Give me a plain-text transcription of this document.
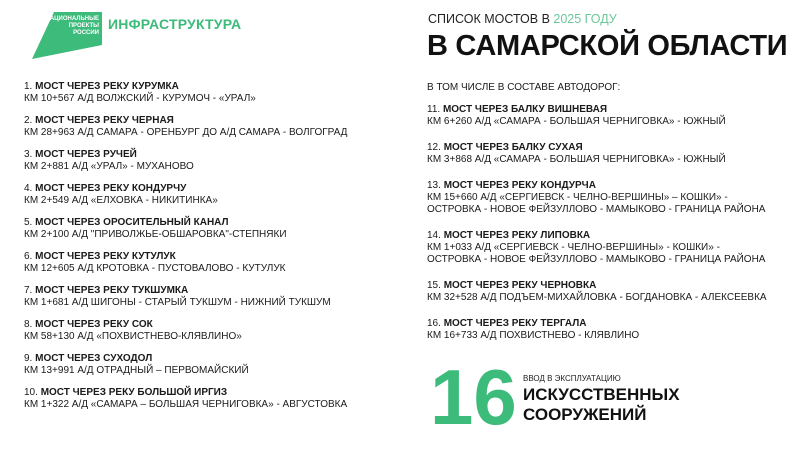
НАЦИОНАЛЬНЫЕ
ПРОЕКТЫ
РОССИИ
ИНФРАСТРУКТУРА	СПИСОК МОСТОВ В 2025 ГОДУ
В САМАРСКОЙ ОБЛАСТИ
1. МОСТ ЧЕРЕЗ РЕКУ КУРУМКА
КМ 10+567 А/Д ВОЛЖСКИЙ - КУРУМОЧ - «УРАЛ»
2. МОСТ ЧЕРЕЗ РЕКУ ЧЕРНАЯ
КМ 28+963 А/Д САМАРА - ОРЕНБУРГ ДО А/Д САМАРА - ВОЛГОГРАД
3. МОСТ ЧЕРЕЗ РУЧЕЙ
КМ 2+881 А/Д «УРАЛ» - МУХАНОВО
4. МОСТ ЧЕРЕЗ РЕКУ КОНДУРЧУ
КМ 2+549 А/Д «ЕЛХОВКА - НИКИТИНКА»
5. МОСТ ЧЕРЕЗ ОРОСИТЕЛЬНЫЙ КАНАЛ
КМ 2+100 А/Д "ПРИВОЛЖЬЕ-ОБШАРОВКА"-СТЕПНЯКИ
6. МОСТ ЧЕРЕЗ РЕКУ КУТУЛУК
КМ 12+605 А/Д КРОТОВКА - ПУСТОВАЛОВО - КУТУЛУК
7. МОСТ ЧЕРЕЗ РЕКУ ТУКШУМКА
КМ 1+681 А/Д ШИГОНЫ - СТАРЫЙ ТУКШУМ - НИЖНИЙ ТУКШУМ
8. МОСТ ЧЕРЕЗ РЕКУ СОК
КМ 58+130 А/Д «ПОХВИСТНЕВО-КЛЯВЛИНО»
9. МОСТ ЧЕРЕЗ СУХОДОЛ
КМ 13+991 А/Д ОТРАДНЫЙ – ПЕРВОМАЙСКИЙ
10. МОСТ ЧЕРЕЗ РЕКУ БОЛЬШОЙ ИРГИЗ
КМ 1+322 А/Д «САМАРА – БОЛЬШАЯ ЧЕРНИГОВКА» - АВГУСТОВКА
В ТОМ ЧИСЛЕ В СОСТАВЕ АВТОДОРОГ:
11. МОСТ ЧЕРЕЗ БАЛКУ ВИШНЕВАЯ
КМ 6+260 А/Д «САМАРА - БОЛЬШАЯ ЧЕРНИГОВКА» - ЮЖНЫЙ
12. МОСТ ЧЕРЕЗ БАЛКУ СУХАЯ
КМ 3+868 А/Д «САМАРА - БОЛЬШАЯ ЧЕРНИГОВКА» - ЮЖНЫЙ
13. МОСТ ЧЕРЕЗ РЕКУ КОНДУРЧА
КМ 15+660 А/Д «СЕРГИЕВСК - ЧЕЛНО-ВЕРШИНЫ» – КОШКИ» - ОСТРОВКА - НОВОЕ ФЕЙЗУЛЛОВО - МАМЫКОВО - ГРАНИЦА РАЙОНА
14. МОСТ ЧЕРЕЗ РЕКУ ЛИПОВКА
КМ 1+033 А/Д «СЕРГИЕВСК - ЧЕЛНО-ВЕРШИНЫ» - КОШКИ» - ОСТРОВКА - НОВОЕ ФЕЙЗУЛЛОВО - МАМЫКОВО - ГРАНИЦА РАЙОНА
15. МОСТ ЧЕРЕЗ РЕКУ ЧЕРНОВКА
КМ 32+528 А/Д ПОДЪЕМ-МИХАЙЛОВКА - БОГДАНОВКА - АЛЕКСЕЕВКА
16. МОСТ ЧЕРЕЗ РЕКУ ТЕРГАЛА
КМ 16+733 А/Д ПОХВИСТНЕВО - КЛЯВЛИНО
16 ВВОД В ЭКСПЛУАТАЦИЮ
ИСКУССТВЕННЫХ
СООРУЖЕНИЙ
